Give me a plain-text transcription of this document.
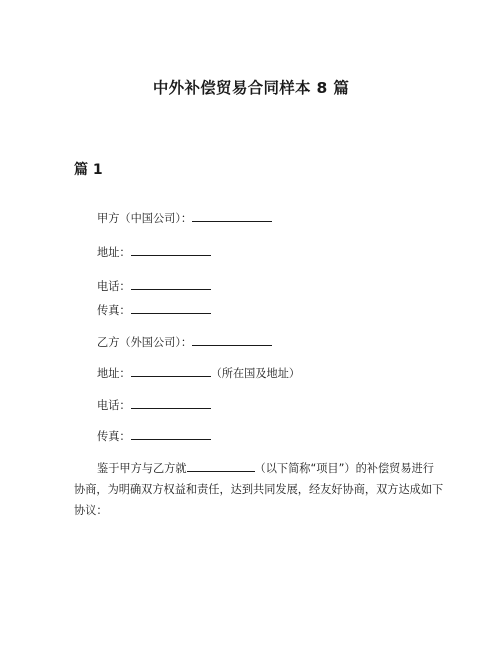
中外补偿贸易合同样本 8 篇
篇 1
甲方（中国公司）：
地址：
电话：
传真：
乙方（外国公司）：
地址：	（所在国及地址）
电话：
传真：
鉴于甲方与乙方就	（以下简称“项目”）的补偿贸易进行协商，为明确双方权益和责任，达到共同发展，经友好协商，双方达成如下协议：
